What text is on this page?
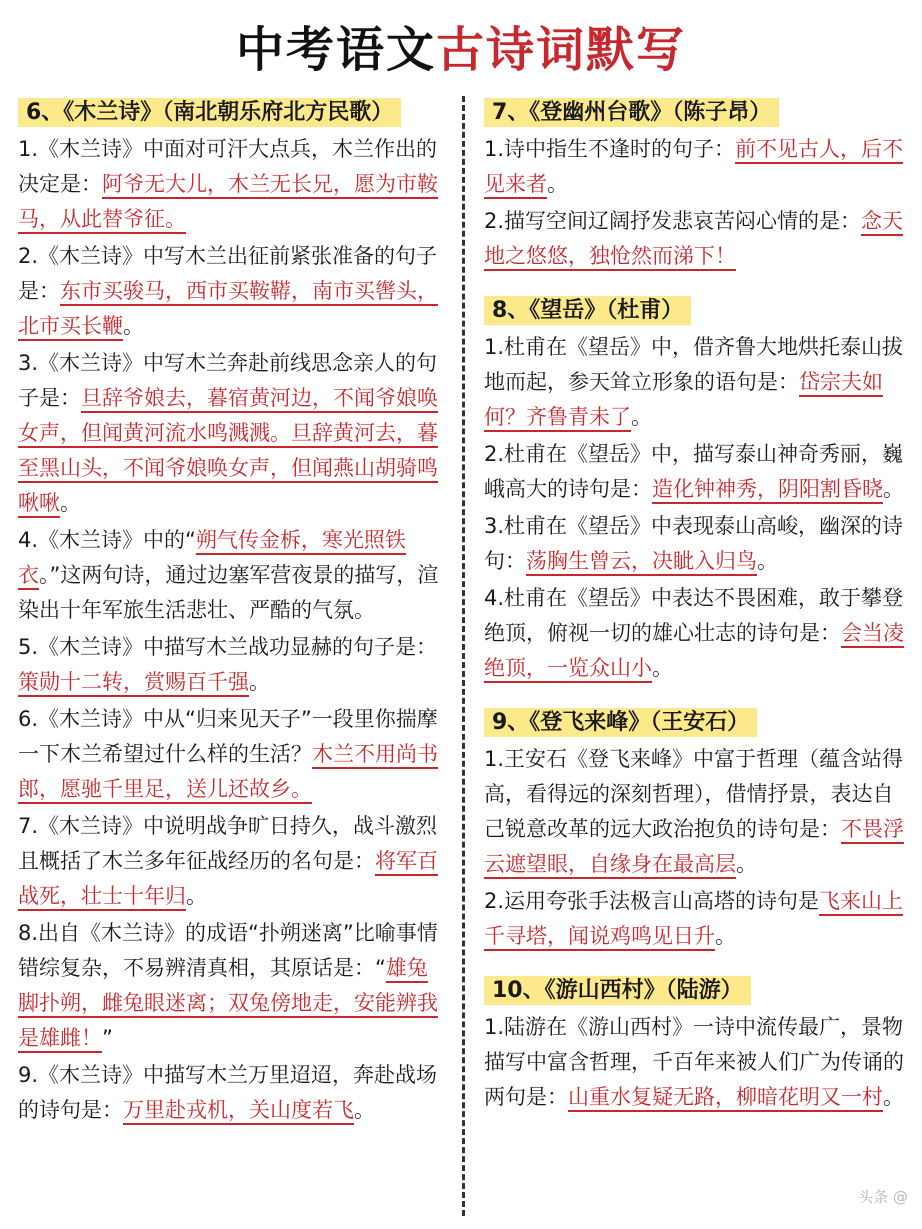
中考语文古诗词默写
6、《木兰诗》（南北朝乐府北方民歌）
1.《木兰诗》中面对可汗大点兵，木兰作出的决定是：阿爷无大儿，木兰无长兄，愿为市鞍马，从此替爷征。
2.《木兰诗》中写木兰出征前紧张准备的句子是：东市买骏马，西市买鞍鞯，南市买辔头，北市买长鞭。
3.《木兰诗》中写木兰奔赴前线思念亲人的句子是：旦辞爷娘去，暮宿黄河边，不闻爷娘唤女声，但闻黄河流水鸣溅溅。旦辞黄河去，暮至黑山头，不闻爷娘唤女声，但闻燕山胡骑鸣啾啾。
4.《木兰诗》中的“朔气传金柝，寒光照铁衣。”这两句诗，通过边塞军营夜景的描写，渲染出十年军旅生活悲壮、严酷的气氛。
5.《木兰诗》中描写木兰战功显赫的句子是：策勋十二转，赏赐百千强。
6.《木兰诗》中从“归来见天子”一段里你揣摩一下木兰希望过什么样的生活？木兰不用尚书郎，愿驰千里足，送儿还故乡。
7.《木兰诗》中说明战争旷日持久，战斗激烈且概括了木兰多年征战经历的名句是：将军百战死，壮士十年归。
8.出自《木兰诗》的成语“扑朔迷离”比喻事情错综复杂，不易辨清真相，其原话是：“雄兔脚扑朔，雌兔眼迷离；双兔傍地走，安能辨我是雄雌！”
9.《木兰诗》中描写木兰万里迢迢，奔赴战场的诗句是：万里赴戎机，关山度若飞。
7、《登幽州台歌》（陈子昂）
1.诗中指生不逢时的句子：前不见古人，后不见来者。
2.描写空间辽阔抒发悲哀苦闷心情的是：念天地之悠悠，独怆然而涕下！
8、《望岳》（杜甫）
1.杜甫在《望岳》中，借齐鲁大地烘托泰山拔地而起，参天耸立形象的语句是：岱宗夫如何？齐鲁青未了。
2.杜甫在《望岳》中，描写泰山神奇秀丽，巍峨高大的诗句是：造化钟神秀，阴阳割昏晓。
3.杜甫在《望岳》中表现泰山高峻，幽深的诗句：荡胸生曾云，决眦入归鸟。
4.杜甫在《望岳》中表达不畏困难，敢于攀登绝顶，俯视一切的雄心壮志的诗句是：会当凌绝顶，一览众山小。
9、《登飞来峰》（王安石）
1.王安石《登飞来峰》中富于哲理（蕴含站得高，看得远的深刻哲理），借情抒景，表达自己锐意改革的远大政治抱负的诗句是：不畏浮云遮望眼，自缘身在最高层。
2.运用夸张手法极言山高塔的诗句是飞来山上千寻塔，闻说鸡鸣见日升。
10、《游山西村》（陆游）
1.陆游在《游山西村》一诗中流传最广，景物描写中富含哲理，千百年来被人们广为传诵的两句是：山重水复疑无路，柳暗花明又一村。
头条 @
